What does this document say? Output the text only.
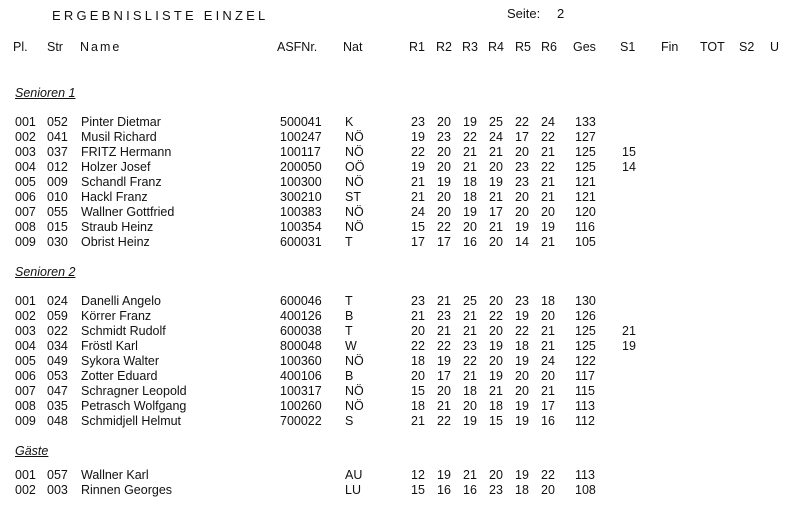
ERGEBNISLISTE EINZEL	Seite: 2
Pl. Str Name	ASFNr. Nat	R1 R2 R3 R4 R5 R6 Ges S1 Fin TOT S2 U
Senioren 1
Senioren 2
Gäste
001 052 Pinter Dietmar	500041 K	23 20 19 25 22 24 133
002 041 Musil Richard	100247 NÖ	19 23 22 24 17 22 127
003 037 FRITZ Hermann	100117 NÖ	22 20 21 21 20 21 125 15
004 012 Holzer Josef	200050 OÖ	19 20 21 20 23 22 125 14
005 009 Schandl Franz	100300 NÖ	21 19 18 19 23 21 121
006 010 Hackl Franz	300210 ST	21 20 18 21 20 21 121
007 055 Wallner Gottfried	100383 NÖ	24 20 19 17 20 20 120
008 015 Straub Heinz	100354 NÖ	15 22 20 21 19 19 116
009 030 Obrist Heinz	600031 T	17 17 16 20 14 21 105
001 024 Danelli Angelo	600046 T	23 21 25 20 23 18 130
002 059 Körrer Franz	400126 B	21 23 21 22 19 20 126
003 022 Schmidt Rudolf	600038 T	20 21 21 20 22 21 125 21
004 034 Fröstl Karl	800048 W	22 22 23 19 18 21 125 19
005 049 Sykora Walter	100360 NÖ	18 19 22 20 19 24 122
006 053 Zotter Eduard	400106 B	20 17 21 19 20 20 117
007 047 Schragner Leopold	100317 NÖ	15 20 18 21 20 21 115
008 035 Petrasch Wolfgang	100260 NÖ	18 21 20 18 19 17 113
009 048 Schmidjell Helmut	700022 S	21 22 19 15 19 16 112
001 057 Wallner Karl	AU	12 19 21 20 19 22 113
002 003 Rinnen Georges	LU	15 16 16 23 18 20 108
